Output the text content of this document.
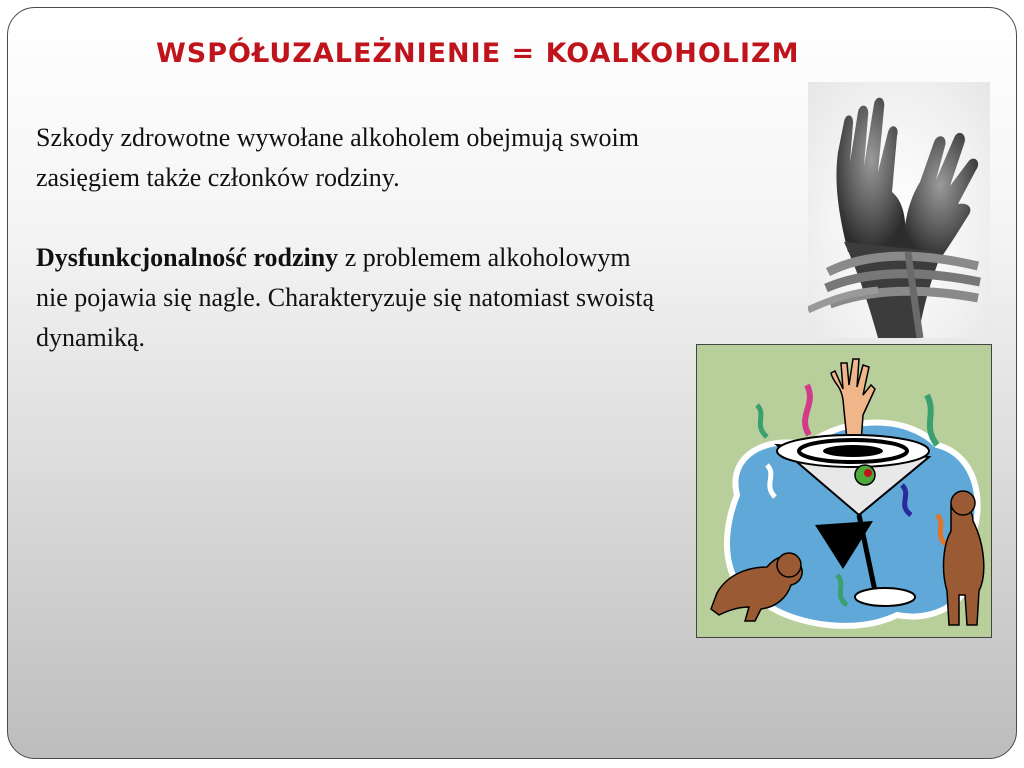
WSPÓŁUZALEŻNIENIE = KOALKOHOLIZM
Szkody zdrowotne wywołane alkoholem obejmują swoim zasięgiem także członków rodziny.
Dysfunkcjonalność rodziny z problemem alkoholowym nie pojawia się nagle. Charakteryzuje się natomiast swoistą dynamiką.
